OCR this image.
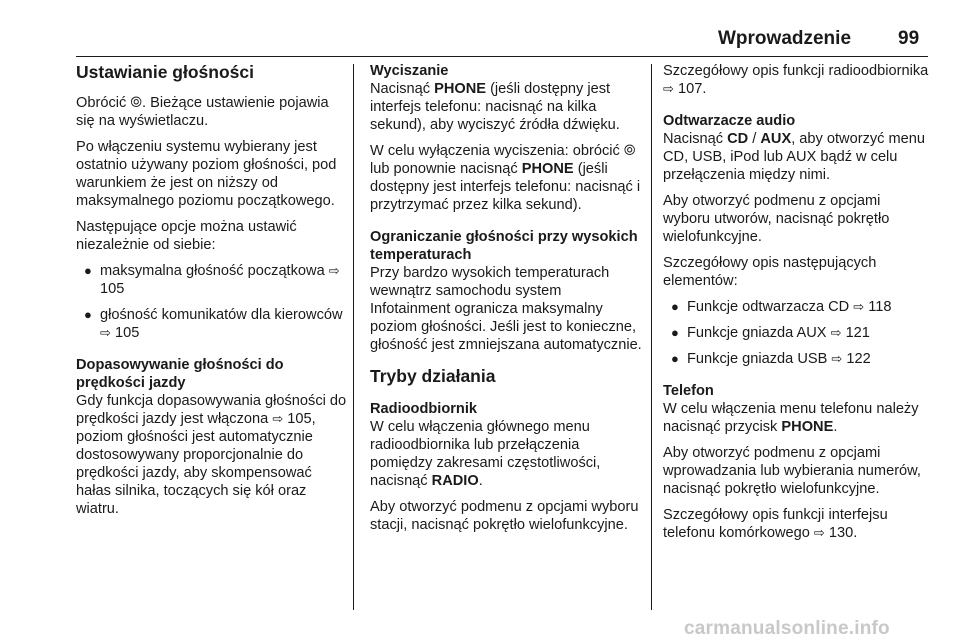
Wprowadzenie 99
Ustawianie głośności

Obrócić ⦾. Bieżące ustawienie pojawia się na wyświetlaczu.

Po włączeniu systemu wybierany jest ostatnio używany poziom głośności, pod warunkiem że jest on niższy od maksymalnego poziomu początkowego.

Następujące opcje można ustawić niezależnie od siebie:

● maksymalna głośność początkowa ⇨ 105
● głośność komunikatów dla kierowców ⇨ 105
Dopasowywanie głośności do prędkości jazdy

Gdy funkcja dopasowywania głośności do prędkości jazdy jest włączona ⇨ 105, poziom głośności jest automatycznie dostosowywany proporcjonalnie do prędkości jazdy, aby skompensować hałas silnika, toczących się kół oraz wiatru.

Wyciszanie

Nacisnąć PHONE (jeśli dostępny jest interfejs telefonu: nacisnąć na kilka sekund), aby wyciszyć źródła dźwięku.

W celu wyłączenia wyciszenia: obrócić ⦾ lub ponownie nacisnąć PHONE (jeśli dostępny jest interfejs telefonu: nacisnąć i przytrzymać przez kilka sekund).

Ograniczanie głośności przy wysokich temperaturach

Przy bardzo wysokich temperaturach wewnątrz samochodu system Infotainment ogranicza maksymalny poziom głośności. Jeśli jest to konieczne, głośność jest zmniejszana automatycznie.

Tryby działania
Radioodbiornik

W celu włączenia głównego menu radioodbiornika lub przełączenia pomiędzy zakresami częstotliwości, nacisnąć RADIO.

Aby otworzyć podmenu z opcjami wyboru stacji, nacisnąć pokrętło wielofunkcyjne.

Szczegółowy opis funkcji radioodbiornika ⇨ 107.

Odtwarzacze audio

Nacisnąć CD / AUX, aby otworzyć menu CD, USB, iPod lub AUX bądź w celu przełączenia między nimi.

Aby otworzyć podmenu z opcjami wyboru utworów, nacisnąć pokrętło wielofunkcyjne.

Szczegółowy opis następujących elementów:

● Funkcje odtwarzacza CD ⇨ 118
● Funkcje gniazda AUX ⇨ 121
● Funkcje gniazda USB ⇨ 122
Telefon

W celu włączenia menu telefonu należy nacisnąć przycisk PHONE.

Aby otworzyć podmenu z opcjami wprowadzania lub wybierania numerów, nacisnąć pokrętło wielofunkcyjne.

Szczegółowy opis funkcji interfejsu telefonu komórkowego ⇨ 130.

carmanualsonline.info
